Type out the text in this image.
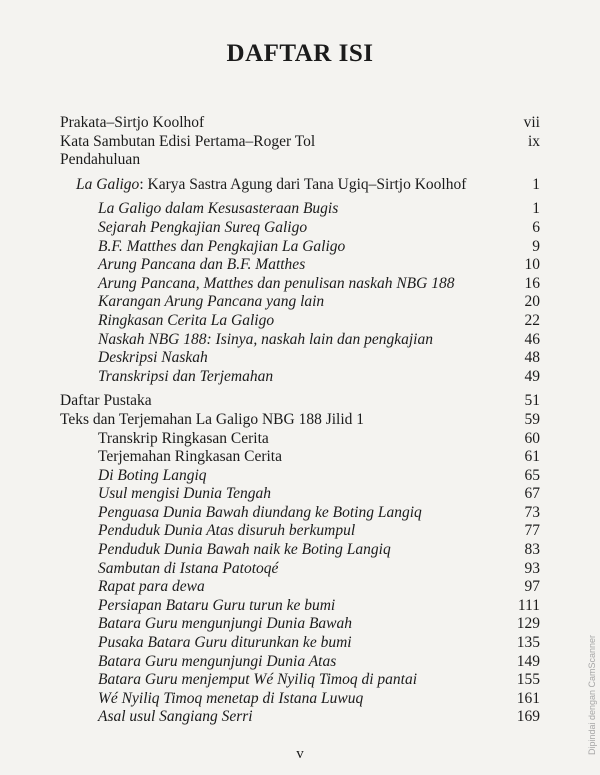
DAFTAR ISI
Prakata–Sirtjo Koolhof	vii
Kata Sambutan Edisi Pertama–Roger Tol	ix
Pendahuluan
La Galigo: Karya Sastra Agung dari Tana Ugiq–Sirtjo Koolhof	1
La Galigo dalam Kesusasteraan Bugis	1
Sejarah Pengkajian Sureq Galigo	6
B.F. Matthes dan Pengkajian La Galigo	9
Arung Pancana dan B.F. Matthes	10
Arung Pancana, Matthes dan penulisan naskah NBG 188	16
Karangan Arung Pancana yang lain	20
Ringkasan Cerita La Galigo	22
Naskah NBG 188: Isinya, naskah lain dan pengkajian	46
Deskripsi Naskah	48
Transkripsi dan Terjemahan	49
Daftar Pustaka	51
Teks dan Terjemahan La Galigo NBG 188 Jilid 1	59
Transkrip Ringkasan Cerita	60
Terjemahan Ringkasan Cerita	61
Di Boting Langiq	65
Usul mengisi Dunia Tengah	67
Penguasa Dunia Bawah diundang ke Boting Langiq	73
Penduduk Dunia Atas disuruh berkumpul	77
Penduduk Dunia Bawah naik ke Boting Langiq	83
Sambutan di Istana Patotoqé	93
Rapat para dewa	97
Persiapan Bataru Guru turun ke bumi	111
Batara Guru mengunjungi Dunia Bawah	129
Pusaka Batara Guru diturunkan ke bumi	135
Batara Guru mengunjungi Dunia Atas	149
Batara Guru menjemput Wé Nyiliq Timoq di pantai	155
Wé Nyiliq Timoq menetap di Istana Luwuq	161
Asal usul Sangiang Serri	169
v	Dipindai dengan CamScanner
